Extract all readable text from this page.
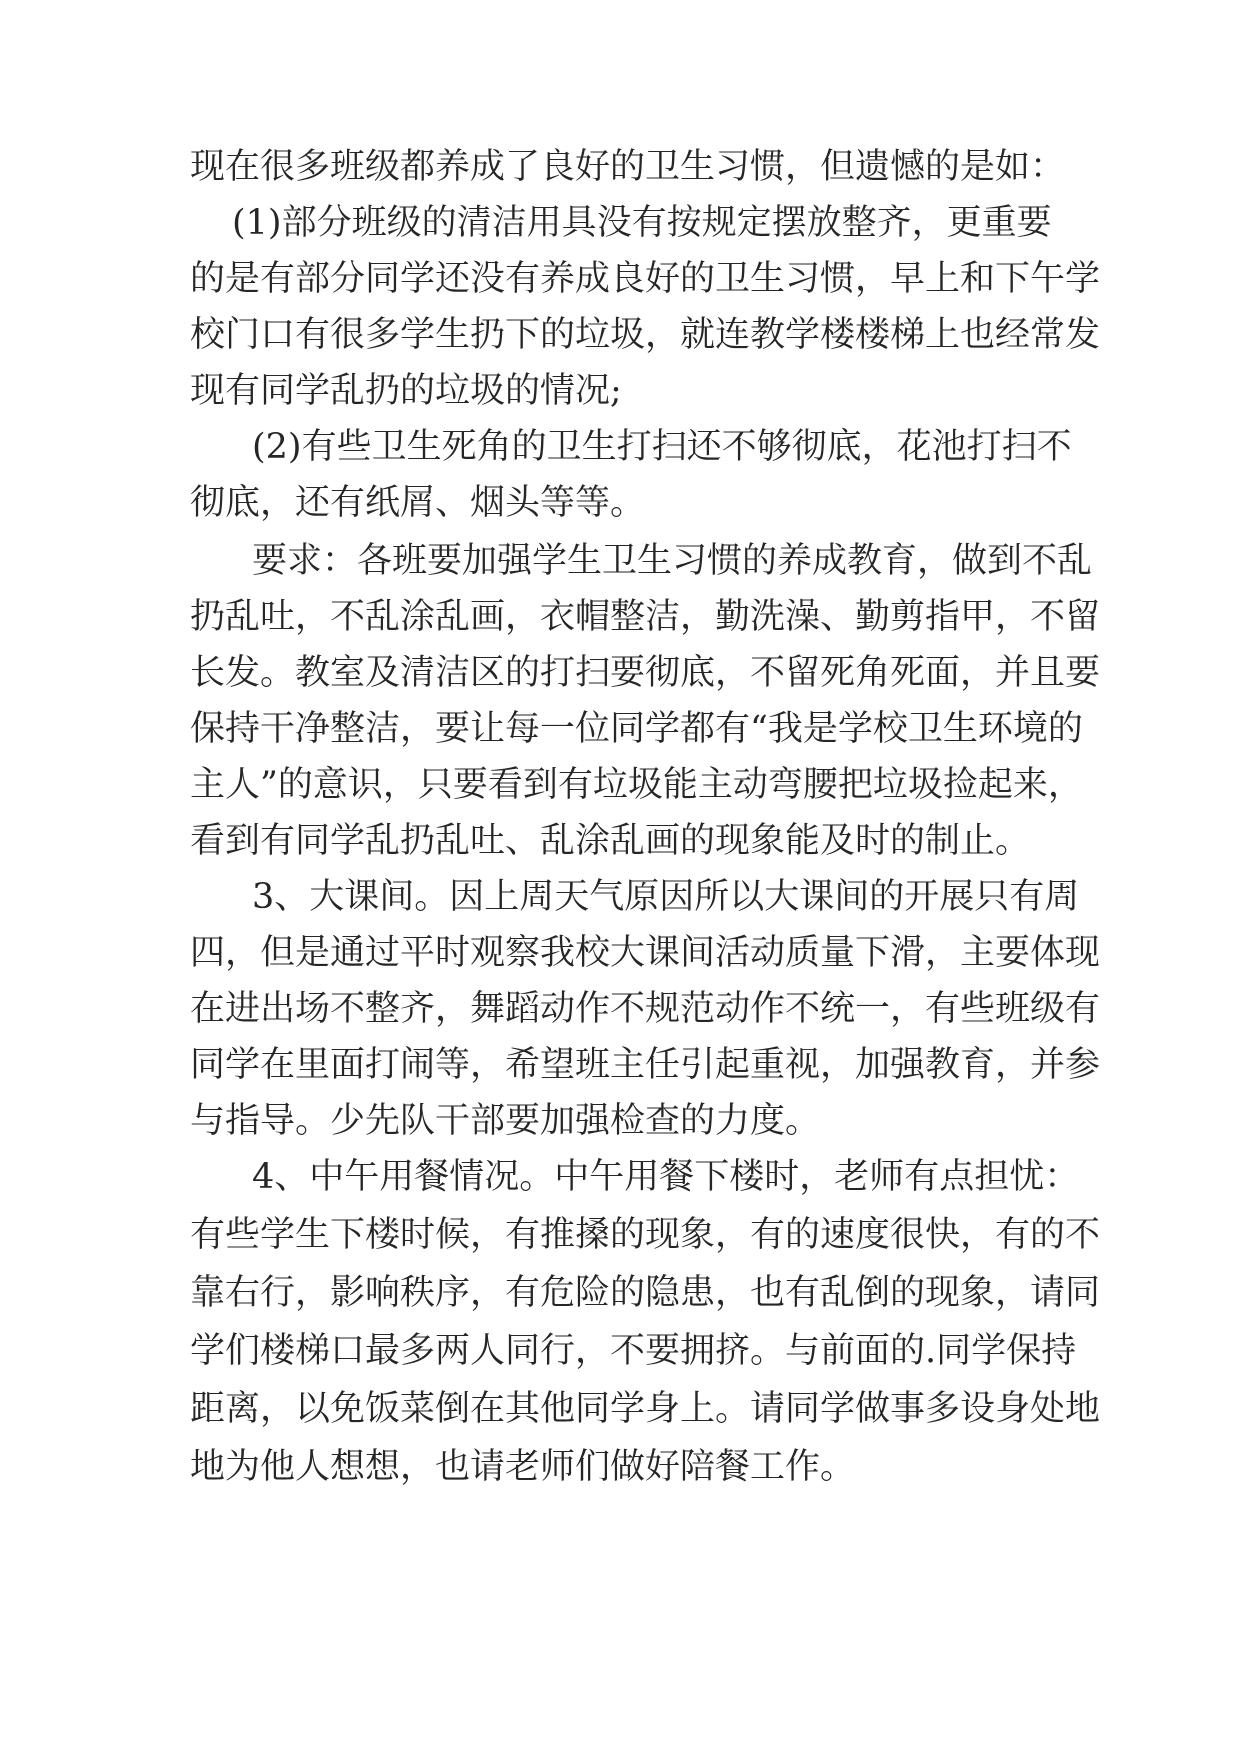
现在很多班级都养成了良好的卫生习惯，但遗憾的是如：

(1)部分班级的清洁用具没有按规定摆放整齐，更重要

的是有部分同学还没有养成良好的卫生习惯，早上和下午学

校门口有很多学生扔下的垃圾，就连教学楼楼梯上也经常发

现有同学乱扔的垃圾的情况;

(2)有些卫生死角的卫生打扫还不够彻底，花池打扫不

彻底，还有纸屑、烟头等等。

要求：各班要加强学生卫生习惯的养成教育，做到不乱

扔乱吐，不乱涂乱画，衣帽整洁，勤洗澡、勤剪指甲，不留

长发。教室及清洁区的打扫要彻底，不留死角死面，并且要

保持干净整洁，要让每一位同学都有“我是学校卫生环境的

主人”的意识，只要看到有垃圾能主动弯腰把垃圾捡起来，

看到有同学乱扔乱吐、乱涂乱画的现象能及时的制止。

3、大课间。因上周天气原因所以大课间的开展只有周

四，但是通过平时观察我校大课间活动质量下滑，主要体现

在进出场不整齐，舞蹈动作不规范动作不统一，有些班级有

同学在里面打闹等，希望班主任引起重视，加强教育，并参

与指导。少先队干部要加强检查的力度。

4、中午用餐情况。中午用餐下楼时，老师有点担忧：

有些学生下楼时候，有推搡的现象，有的速度很快，有的不

靠右行，影响秩序，有危险的隐患，也有乱倒的现象，请同

学们楼梯口最多两人同行，不要拥挤。与前面的.同学保持

距离，以免饭菜倒在其他同学身上。请同学做事多设身处地

地为他人想想，也请老师们做好陪餐工作。
